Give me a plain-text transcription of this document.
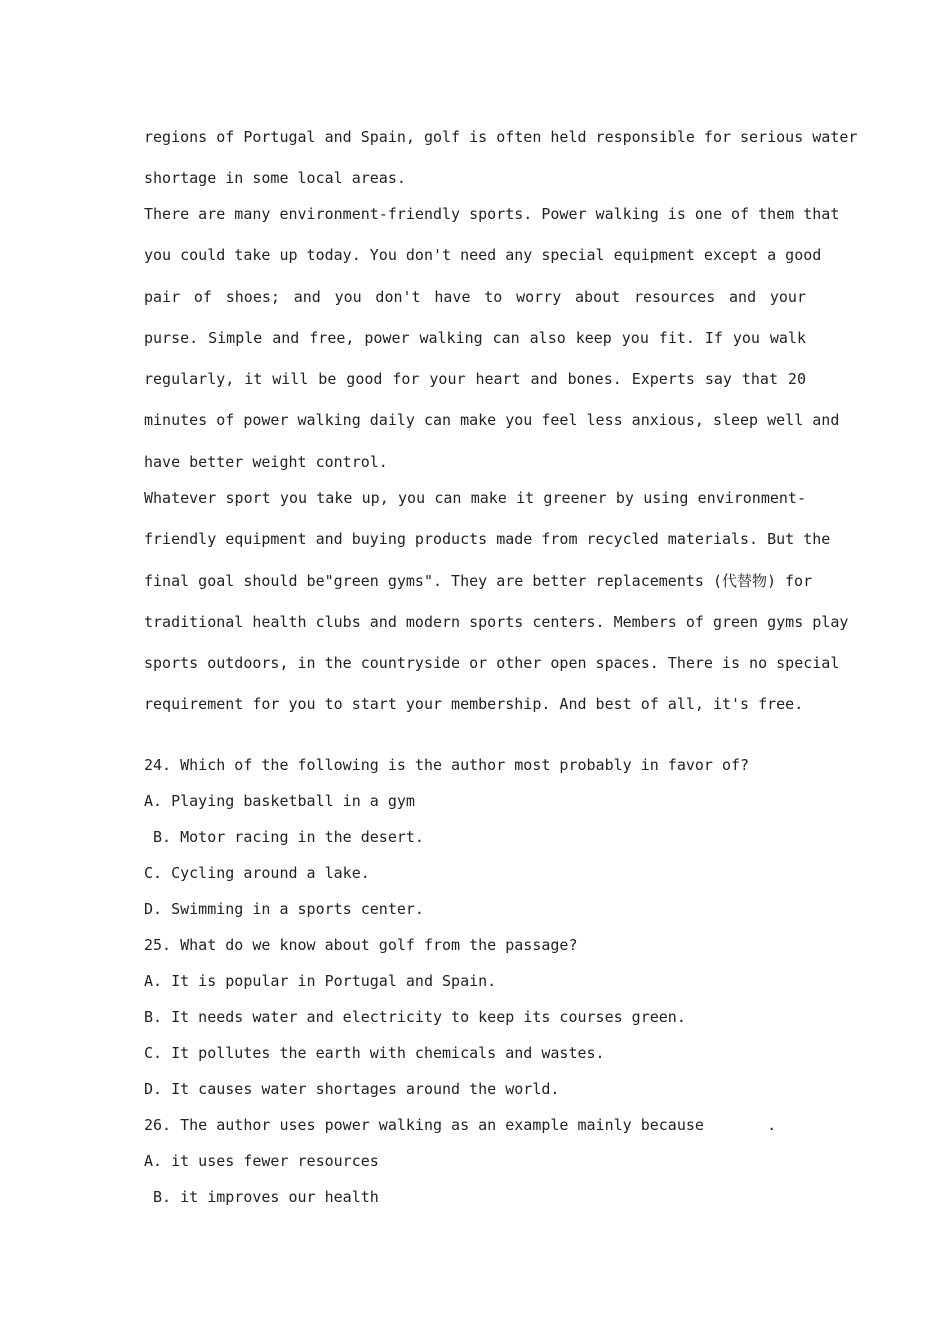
regions of Portugal and Spain, golf is often held responsible for serious water
shortage in some local areas.
There are many environment-friendly sports. Power walking is one of them that
you could take up today. You don't need any special equipment except a good
pair of shoes; and you don't have to worry about resources and your
purse. Simple and free, power walking can also keep you fit. If you walk
regularly, it will be good for your heart and bones. Experts say that 20
minutes of power walking daily can make you feel less anxious, sleep well and
have better weight control.
Whatever sport you take up, you can make it greener by using environment-
friendly equipment and buying products made from recycled materials. But the
final goal should be"green gyms". They are better replacements (代替物) for
traditional health clubs and modern sports centers. Members of green gyms play
sports outdoors, in the countryside or other open spaces. There is no special
requirement for you to start your membership. And best of all, it's free.
24. Which of the following is the author most probably in favor of?
A. Playing basketball in a gym
B. Motor racing in the desert.
C. Cycling around a lake.
D. Swimming in a sports center.
25. What do we know about golf from the passage?
A. It is popular in Portugal and Spain.
B. It needs water and electricity to keep its courses green.
C. It pollutes the earth with chemicals and wastes.
D. It causes water shortages around the world.
26. The author uses power walking as an example mainly because       .
A. it uses fewer resources
B. it improves our health
